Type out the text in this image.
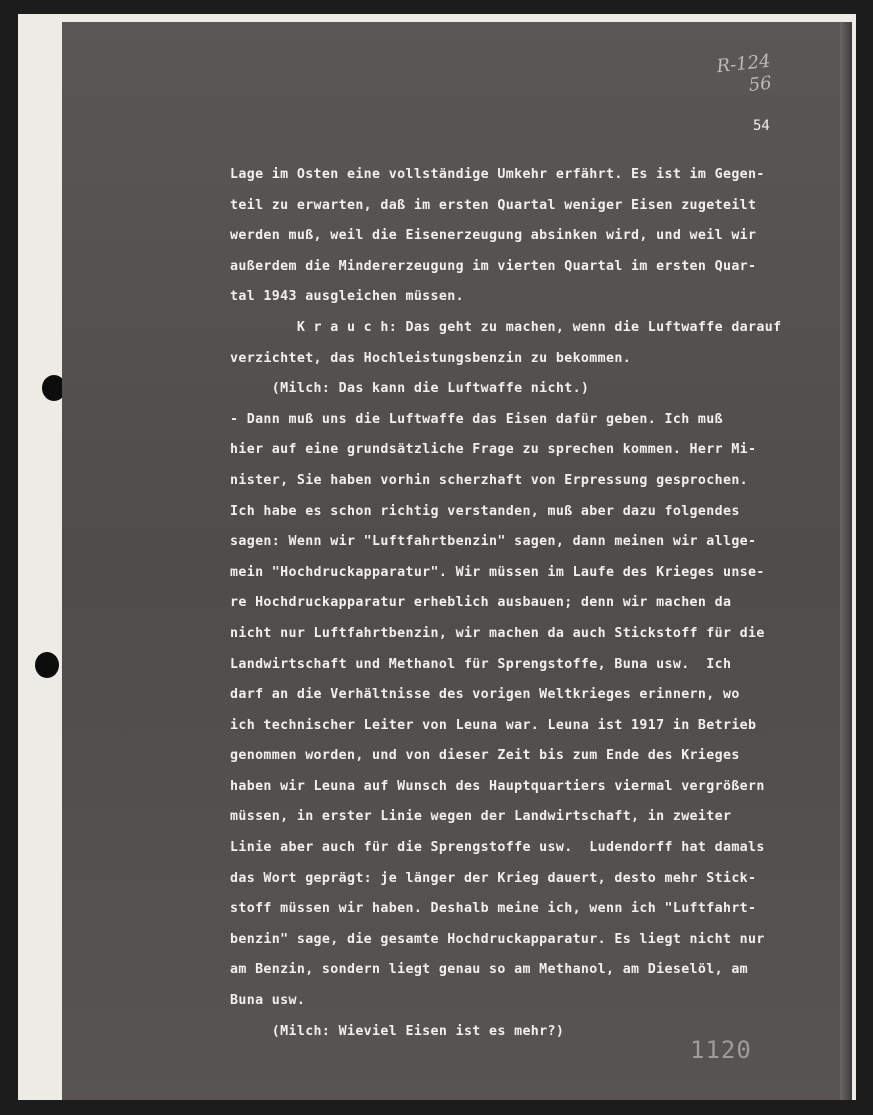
R-124
56
54
Lage im Osten eine vollständige Umkehr erfährt. Es ist im Gegen-
teil zu erwarten, daß im ersten Quartal weniger Eisen zugeteilt
werden muß, weil die Eisenerzeugung absinken wird, und weil wir
außerdem die Mindererzeugung im vierten Quartal im ersten Quar-
tal 1943 ausgleichen müssen.
K r a u c h: Das geht zu machen, wenn die Luftwaffe darauf
verzichtet, das Hochleistungsbenzin zu bekommen.
(Milch: Das kann die Luftwaffe nicht.)
- Dann muß uns die Luftwaffe das Eisen dafür geben. Ich muß
hier auf eine grundsätzliche Frage zu sprechen kommen. Herr Mi-
nister, Sie haben vorhin scherzhaft von Erpressung gesprochen.
Ich habe es schon richtig verstanden, muß aber dazu folgendes
sagen: Wenn wir "Luftfahrtbenzin" sagen, dann meinen wir allge-
mein "Hochdruckapparatur". Wir müssen im Laufe des Krieges unse-
re Hochdruckapparatur erheblich ausbauen; denn wir machen da
nicht nur Luftfahrtbenzin, wir machen da auch Stickstoff für die
Landwirtschaft und Methanol für Sprengstoffe, Buna usw.  Ich
darf an die Verhältnisse des vorigen Weltkrieges erinnern, wo
ich technischer Leiter von Leuna war. Leuna ist 1917 in Betrieb
genommen worden, und von dieser Zeit bis zum Ende des Krieges
haben wir Leuna auf Wunsch des Hauptquartiers viermal vergrößern
müssen, in erster Linie wegen der Landwirtschaft, in zweiter
Linie aber auch für die Sprengstoffe usw.  Ludendorff hat damals
das Wort geprägt: je länger der Krieg dauert, desto mehr Stick-
stoff müssen wir haben. Deshalb meine ich, wenn ich "Luftfahrt-
benzin" sage, die gesamte Hochdruckapparatur. Es liegt nicht nur
am Benzin, sondern liegt genau so am Methanol, am Dieselöl, am
Buna usw.
(Milch: Wieviel Eisen ist es mehr?)
1120
